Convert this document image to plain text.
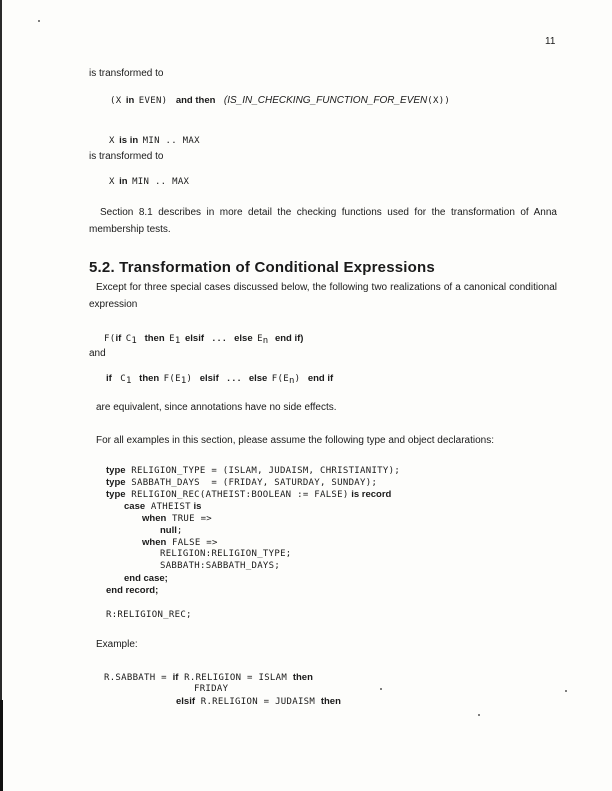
11
is transformed to
(X in EVEN) and then (IS_IN_CHECKING_FUNCTION_FOR_EVEN(X))
X is in MIN .. MAX
is transformed to
X in MIN .. MAX
Section 8.1 describes in more detail the checking functions used for the transformation of Anna membership tests.
5.2. Transformation of Conditional Expressions
Except for three special cases discussed below, the following two realizations of a canonical conditional expression
F(if $C_1$ then $E_1$ elsif . . . else $E_n$ end if)
and
if $C_1$ then $F(E_1)$ elsif . . . else $F(E_n)$ end if
are equivalent, since annotations have no side effects.
For all examples in this section, please assume the following type and object declarations:
type RELIGION_TYPE = (ISLAM, JUDAISM, CHRISTIANITY);
type SABBATH_DAYS  = (FRIDAY, SATURDAY, SUNDAY);
type RELIGION_REC(ATHEIST:BOOLEAN := FALSE) is record
case ATHEIST is
when TRUE =>
null;
when FALSE =>
RELIGION:RELIGION_TYPE;
SABBATH:SABBATH_DAYS;
end case;
end record;
R:RELIGION_REC;
Example:
R.SABBATH = if R.RELIGION = ISLAM then
FRIDAY
elsif R.RELIGION = JUDAISM then
